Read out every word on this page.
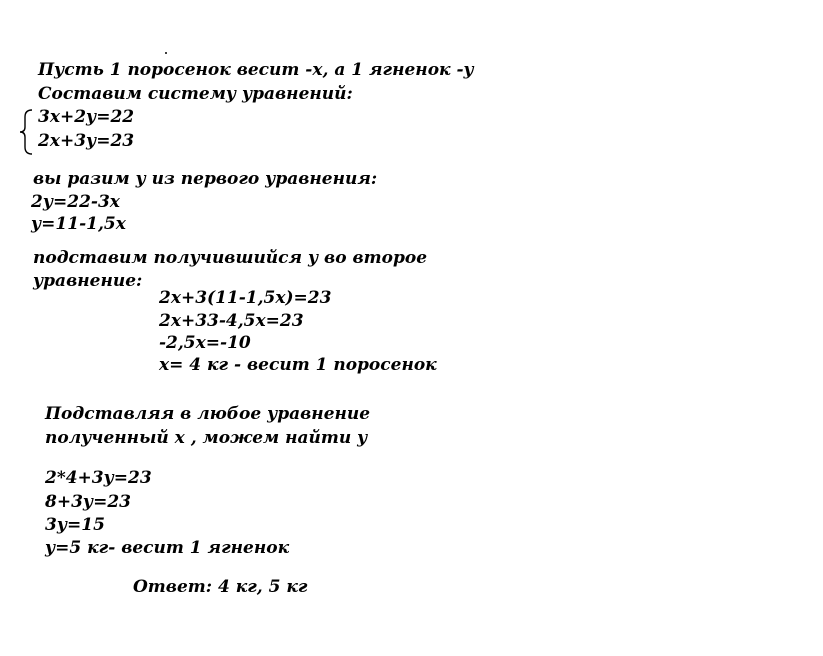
Пусть 1 поросенок весит -х, а 1 ягненок -у
Составим систему уравнений:
3х+2у=22
2х+3у=23
вы разим у из первого уравнения:
2у=22-3х
у=11-1,5х
подставим получившийся у во второе
уравнение:
2х+3(11-1,5х)=23
2х+33-4,5х=23
-2,5х=-10
х= 4 кг - весит 1 поросенок
Подставляя в любое уравнение
полученный х , можем найти у
2*4+3у=23
8+3у=23
3у=15
у=5 кг- весит 1 ягненок
Ответ: 4 кг, 5 кг
